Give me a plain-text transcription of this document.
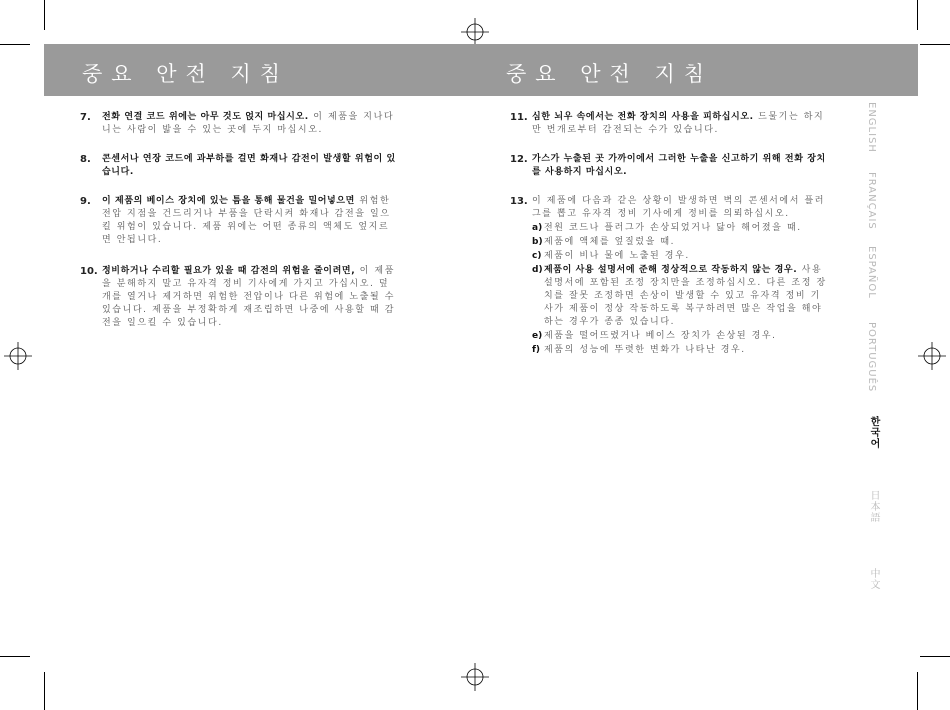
중요 안전 지침	중요 안전 지침
7. 전화 연결 코드 위에는 아무 것도 얹지 마십시오. 이 제품을 지나다니는 사람이 밟을 수 있는 곳에 두지 마십시오.
8. 콘센서나 연장 코드에 과부하를 걸면 화재나 감전이 발생할 위험이 있습니다.
9. 이 제품의 베이스 장치에 있는 틈을 통해 물건을 밀어넣으면 위험한 전압 지점을 건드리거나 부품을 단락시켜 화재나 감전을 일으킬 위험이 있습니다. 제품 위에는 어떤 종류의 액체도 엎지르면 안됩니다.
10. 정비하거나 수리할 필요가 있을 때 감전의 위험을 줄이려면, 이 제품을 분해하지 말고 유자격 정비 기사에게 가지고 가십시오. 덮개를 열거나 제거하면 위험한 전압이나 다른 위험에 노출될 수 있습니다. 제품을 부정확하게 재조립하면 나중에 사용할 때 감전을 일으킬 수 있습니다.
11. 심한 뇌우 속에서는 전화 장치의 사용을 피하십시오. 드물기는 하지만 번개로부터 감전되는 수가 있습니다.
12. 가스가 누출된 곳 가까이에서 그러한 누출을 신고하기 위해 전화 장치를 사용하지 마십시오.
13. 이 제품에 다음과 같은 상황이 발생하면 벽의 콘센서에서 플러그를 뽑고 유자격 정비 기사에게 정비를 의뢰하십시오.
a) 전원 코드나 플러그가 손상되었거나 닳아 해어졌을 때.
b) 제품에 액체를 엎질렀을 때.
c) 제품이 비나 물에 노출된 경우.
d) 제품이 사용 설명서에 준해 정상적으로 작동하지 않는 경우. 사용 설명서에 포함된 조정 장치만을 조정하십시오. 다른 조정 장치를 잘못 조정하면 손상이 발생할 수 있고 유자격 정비 기사가 제품이 정상 작동하도록 복구하려면 많은 작업을 해야 하는 경우가 종종 있습니다.
e) 제품을 떨어뜨렸거나 베이스 장치가 손상된 경우.
f) 제품의 성능에 뚜렷한 변화가 나타난 경우.
ENGLISH
FRANÇAIS
ESPAÑOL
PORTUGUÊS
한국어
日本語
中文
